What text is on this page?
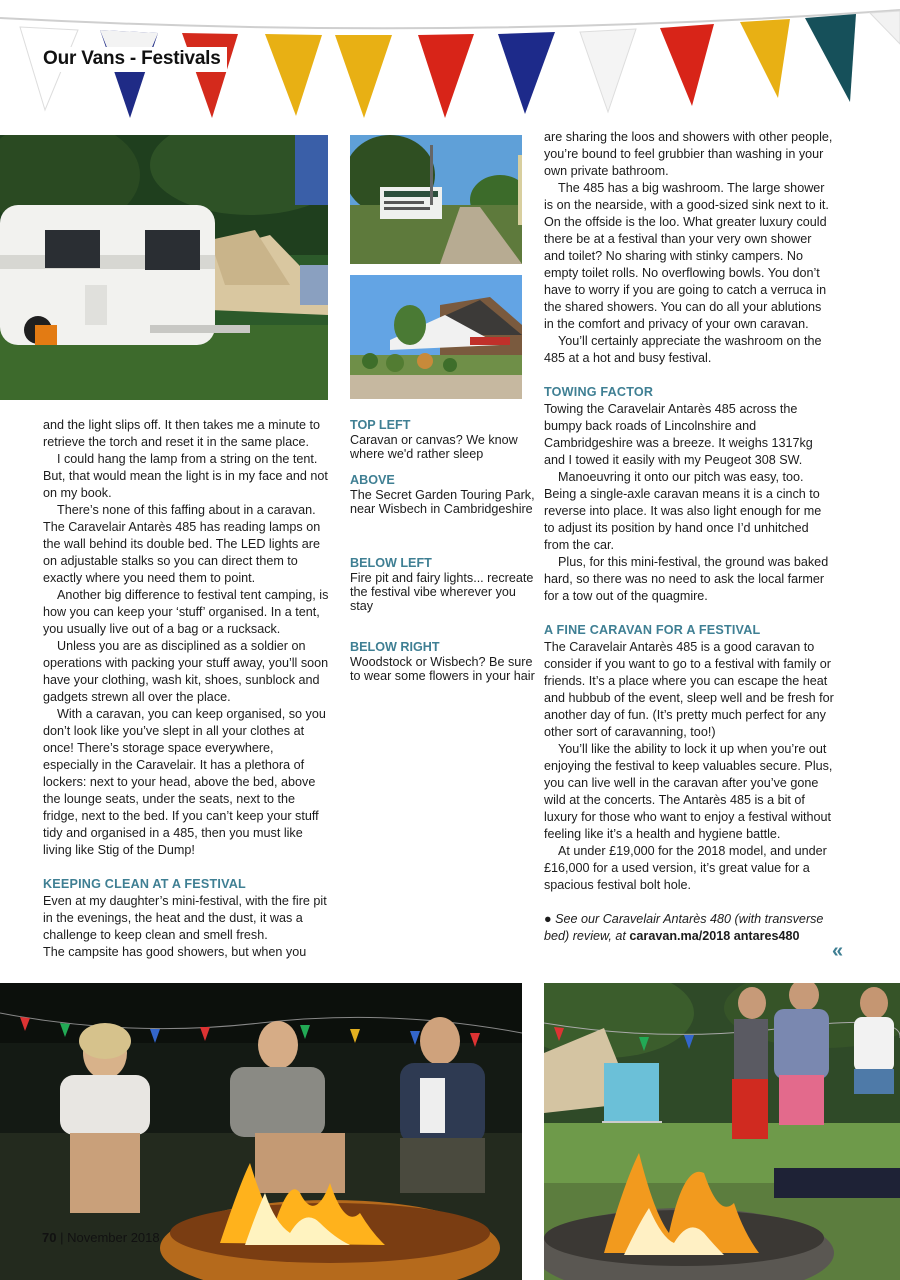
Our Vans - Festivals

and the light slips off. It then takes me a minute to retrieve the torch and reset it in the same place.

I could hang the lamp from a string on the tent. But, that would mean the light is in my face and not on my book.

There’s none of this faffing about in a caravan. The Caravelair Antarès 485 has reading lamps on the wall behind its double bed. The LED lights are on adjustable stalks so you can direct them to exactly where you need them to point.

Another big difference to festival tent camping, is how you can keep your ‘stuff’ organised. In a tent, you usually live out of a bag or a rucksack.

Unless you are as disciplined as a soldier on operations with packing your stuff away, you’ll soon have your clothing, wash kit, shoes, sunblock and gadgets strewn all over the place.

With a caravan, you can keep organised, so you don’t look like you’ve slept in all your clothes at once! There’s storage space everywhere, especially in the Caravelair. It has a plethora of lockers: next to your head, above the bed, above the lounge seats, under the seats, next to the fridge, next to the bed. If you can’t keep your stuff tidy and organised in a 485, then you must like living like Stig of the Dump!

KEEPING CLEAN AT A FESTIVAL

Even at my daughter’s mini-festival, with the fire pit in the evenings, the heat and the dust, it was a challenge to keep clean and smell fresh.

The campsite has good showers, but when you

TOP LEFT

Caravan or canvas? We know where we'd rather sleep

ABOVE

The Secret Garden Touring Park, near Wisbech in Cambridgeshire

BELOW LEFT

Fire pit and fairy lights... recreate the festival vibe wherever you stay

BELOW RIGHT

Woodstock or Wisbech? Be sure to wear some flowers in your hair

are sharing the loos and showers with other people, you’re bound to feel grubbier than washing in your own private bathroom.

The 485 has a big washroom. The large shower is on the nearside, with a good-sized sink next to it. On the offside is the loo. What greater luxury could there be at a festival than your very own shower and toilet? No sharing with stinky campers. No empty toilet rolls. No overflowing bowls. You don’t have to worry if you are going to catch a verruca in the shared showers. You can do all your ablutions in the comfort and privacy of your own caravan.

You’ll certainly appreciate the washroom on the 485 at a hot and busy festival.

TOWING FACTOR

Towing the Caravelair Antarès 485 across the bumpy back roads of Lincolnshire and Cambridgeshire was a breeze. It weighs 1317kg and I towed it easily with my Peugeot 308 SW.

Manoeuvring it onto our pitch was easy, too. Being a single-axle caravan means it is a cinch to reverse into place. It was also light enough for me to adjust its position by hand once I’d unhitched from the car.

Plus, for this mini-festival, the ground was baked hard, so there was no need to ask the local farmer for a tow out of the quagmire.

A FINE CARAVAN FOR A FESTIVAL

The Caravelair Antarès 485 is a good caravan to consider if you want to go to a festival with family or friends. It’s a place where you can escape the heat and hubbub of the event, sleep well and be fresh for another day of fun. (It’s pretty much perfect for any other sort of caravanning, too!)

You’ll like the ability to lock it up when you’re out enjoying the festival to keep valuables secure. Plus, you can live well in the caravan after you’ve gone wild at the concerts. The Antarès 485 is a bit of luxury for those who want to enjoy a festival without feeling like it’s a health and hygiene battle.

At under £19,000 for the 2018 model, and under £16,000 for a used version, it’s great value for a spacious festival bolt hole.

● See our Caravelair Antarès 480 (with transverse bed) review, at caravan.ma/2018 antares480

«
70 | November 2018
